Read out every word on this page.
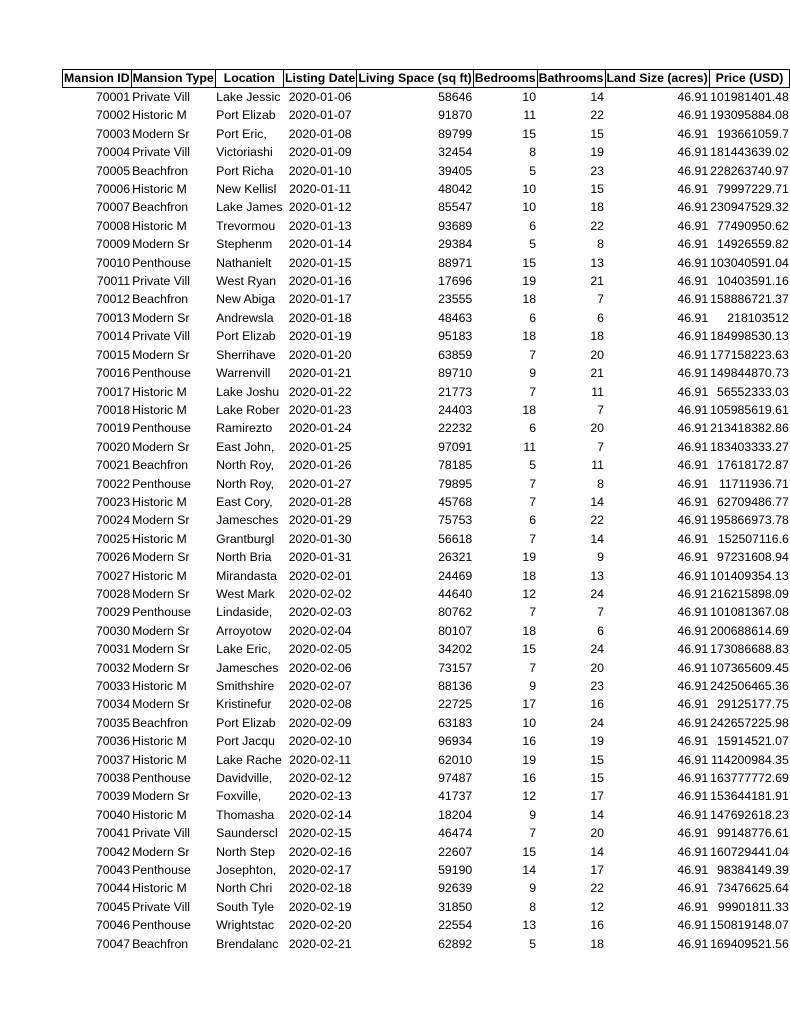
Mansion ID	Mansion Type	Location	Listing Date	Living Space (sq ft)	Bedrooms	Bathrooms	Land Size (acres)	Price (USD)
70001	Private Vill	Lake Jessic	2020-01-06	58646	10	14	46.91	101981401.48
70002	Historic M	Port Elizab	2020-01-07	91870	11	22	46.91	193095884.08
70003	Modern Sr	Port Eric,	2020-01-08	89799	15	15	46.91	193661059.7
70004	Private Vill	Victoriashi	2020-01-09	32454	8	19	46.91	181443639.02
70005	Beachfron	Port Richa	2020-01-10	39405	5	23	46.91	228263740.97
70006	Historic M	New Kellisl	2020-01-11	48042	10	15	46.91	79997229.71
70007	Beachfron	Lake James	2020-01-12	85547	10	18	46.91	230947529.32
70008	Historic M	Trevormou	2020-01-13	93689	6	22	46.91	77490950.62
70009	Modern Sr	Stephenm	2020-01-14	29384	5	8	46.91	14926559.82
70010	Penthouse	Nathanielt	2020-01-15	88971	15	13	46.91	103040591.04
70011	Private Vill	West Ryan	2020-01-16	17696	19	21	46.91	10403591.16
70012	Beachfron	New Abiga	2020-01-17	23555	18	7	46.91	158886721.37
70013	Modern Sr	Andrewsla	2020-01-18	48463	6	6	46.91	218103512
70014	Private Vill	Port Elizab	2020-01-19	95183	18	18	46.91	184998530.13
70015	Modern Sr	Sherrihave	2020-01-20	63859	7	20	46.91	177158223.63
70016	Penthouse	Warrenvill	2020-01-21	89710	9	21	46.91	149844870.73
70017	Historic M	Lake Joshu	2020-01-22	21773	7	11	46.91	56552333.03
70018	Historic M	Lake Rober	2020-01-23	24403	18	7	46.91	105985619.61
70019	Penthouse	Ramirezto	2020-01-24	22232	6	20	46.91	213418382.86
70020	Modern Sr	East John,	2020-01-25	97091	11	7	46.91	183403333.27
70021	Beachfron	North Roy,	2020-01-26	78185	5	11	46.91	17618172.87
70022	Penthouse	North Roy,	2020-01-27	79895	7	8	46.91	11711936.71
70023	Historic M	East Cory,	2020-01-28	45768	7	14	46.91	62709486.77
70024	Modern Sr	Jamesches	2020-01-29	75753	6	22	46.91	195866973.78
70025	Historic M	Grantburgl	2020-01-30	56618	7	14	46.91	152507116.6
70026	Modern Sr	North Bria	2020-01-31	26321	19	9	46.91	97231608.94
70027	Historic M	Mirandasta	2020-02-01	24469	18	13	46.91	101409354.13
70028	Modern Sr	West Mark	2020-02-02	44640	12	24	46.91	216215898.09
70029	Penthouse	Lindaside,	2020-02-03	80762	7	7	46.91	101081367.08
70030	Modern Sr	Arroyotow	2020-02-04	80107	18	6	46.91	200688614.69
70031	Modern Sr	Lake Eric,	2020-02-05	34202	15	24	46.91	173086688.83
70032	Modern Sr	Jamesches	2020-02-06	73157	7	20	46.91	107365609.45
70033	Historic M	Smithshire	2020-02-07	88136	9	23	46.91	242506465.36
70034	Modern Sr	Kristinefur	2020-02-08	22725	17	16	46.91	29125177.75
70035	Beachfron	Port Elizab	2020-02-09	63183	10	24	46.91	242657225.98
70036	Historic M	Port Jacqu	2020-02-10	96934	16	19	46.91	15914521.07
70037	Historic M	Lake Rache	2020-02-11	62010	19	15	46.91	114200984.35
70038	Penthouse	Davidville,	2020-02-12	97487	16	15	46.91	163777772.69
70039	Modern Sr	Foxville,	2020-02-13	41737	12	17	46.91	153644181.91
70040	Historic M	Thomasha	2020-02-14	18204	9	14	46.91	147692618.23
70041	Private Vill	Saunderscl	2020-02-15	46474	7	20	46.91	99148776.61
70042	Modern Sr	North Step	2020-02-16	22607	15	14	46.91	160729441.04
70043	Penthouse	Josephton,	2020-02-17	59190	14	17	46.91	98384149.39
70044	Historic M	North Chri	2020-02-18	92639	9	22	46.91	73476625.64
70045	Private Vill	South Tyle	2020-02-19	31850	8	12	46.91	99901811.33
70046	Penthouse	Wrightstac	2020-02-20	22554	13	16	46.91	150819148.07
70047	Beachfron	Brendalanc	2020-02-21	62892	5	18	46.91	169409521.56
